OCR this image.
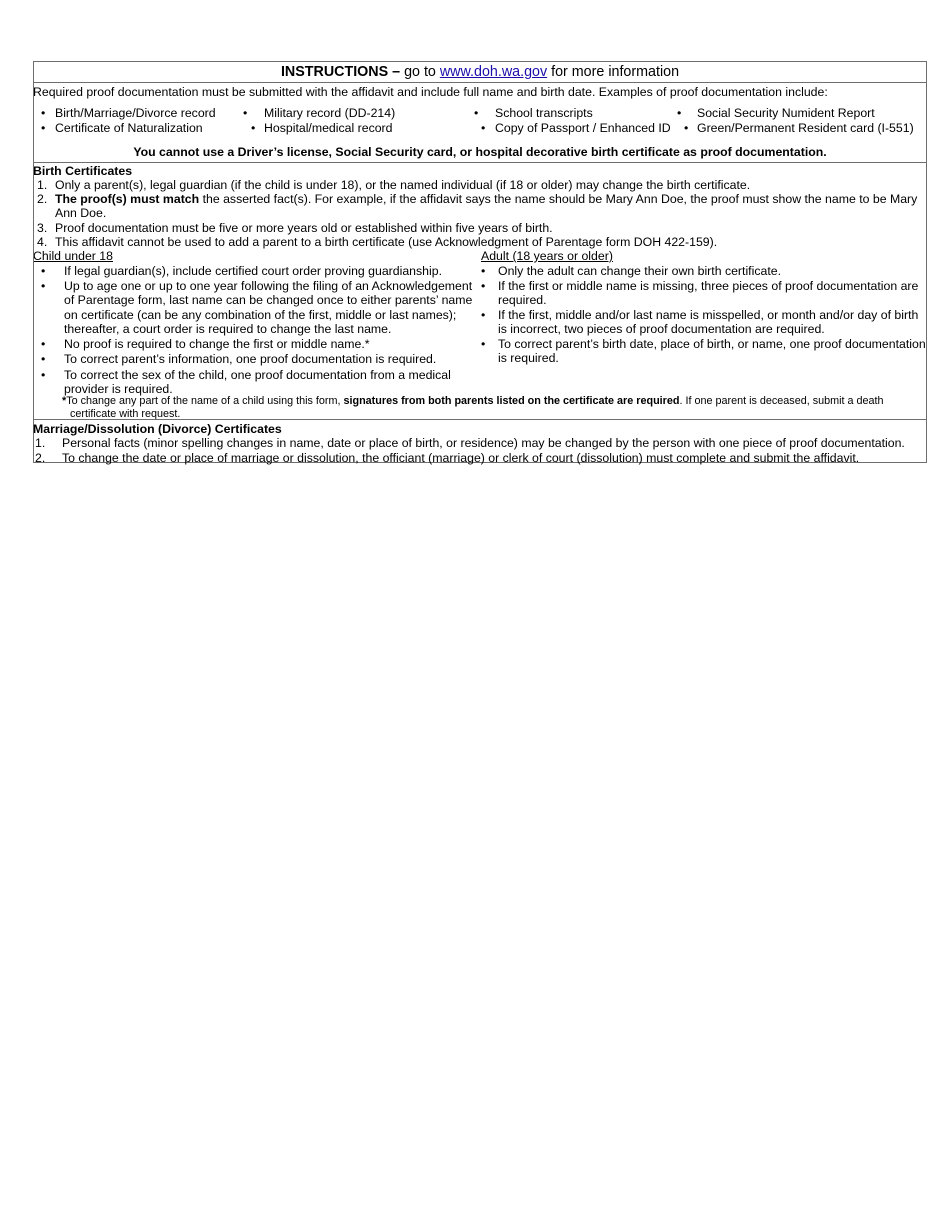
INSTRUCTIONS – go to www.doh.wa.gov for more information
Required proof documentation must be submitted with the affidavit and include full name and birth date. Examples of proof documentation include:
• Birth/Marriage/Divorce record
• Certificate of Naturalization
• Military record (DD-214)
• Hospital/medical record
• School transcripts
• Copy of Passport / Enhanced ID
• Social Security Numident Report
• Green/Permanent Resident card (I-551)
You cannot use a Driver’s license, Social Security card, or hospital decorative birth certificate as proof documentation.
Birth Certificates
1. Only a parent(s), legal guardian (if the child is under 18), or the named individual (if 18 or older) may change the birth certificate.
2. The proof(s) must match the asserted fact(s). For example, if the affidavit says the name should be Mary Ann Doe, the proof must show the name to be Mary
Ann Doe.
3. Proof documentation must be five or more years old or established within five years of birth.
4. This affidavit cannot be used to add a parent to a birth certificate (use Acknowledgment of Parentage form DOH 422-159).
Child under 18
• If legal guardian(s), include certified court order proving guardianship.
• Up to age one or up to one year following the filing of an Acknowledgement
of Parentage form, last name can be changed once to either parents’ name
on certificate (can be any combination of the first, middle or last names);
thereafter, a court order is required to change the last name.
• No proof is required to change the first or middle name.*
• To correct parent’s information, one proof documentation is required.
• To correct the sex of the child, one proof documentation from a medical
provider is required.
Adult (18 years or older)
• Only the adult can change their own birth certificate.
• If the first or middle name is missing, three pieces of proof documentation are
required.
• If the first, middle and/or last name is misspelled, or month and/or day of birth
is incorrect, two pieces of proof documentation are required.
• To correct parent’s birth date, place of birth, or name, one proof documentation
is required.
*To change any part of the name of a child using this form, signatures from both parents listed on the certificate are required. If one parent is deceased, submit a death
certificate with request.
Marriage/Dissolution (Divorce) Certificates
1. Personal facts (minor spelling changes in name, date or place of birth, or residence) may be changed by the person with one piece of proof documentation.
2. To change the date or place of marriage or dissolution, the officiant (marriage) or clerk of court (dissolution) must complete and submit the affidavit.
